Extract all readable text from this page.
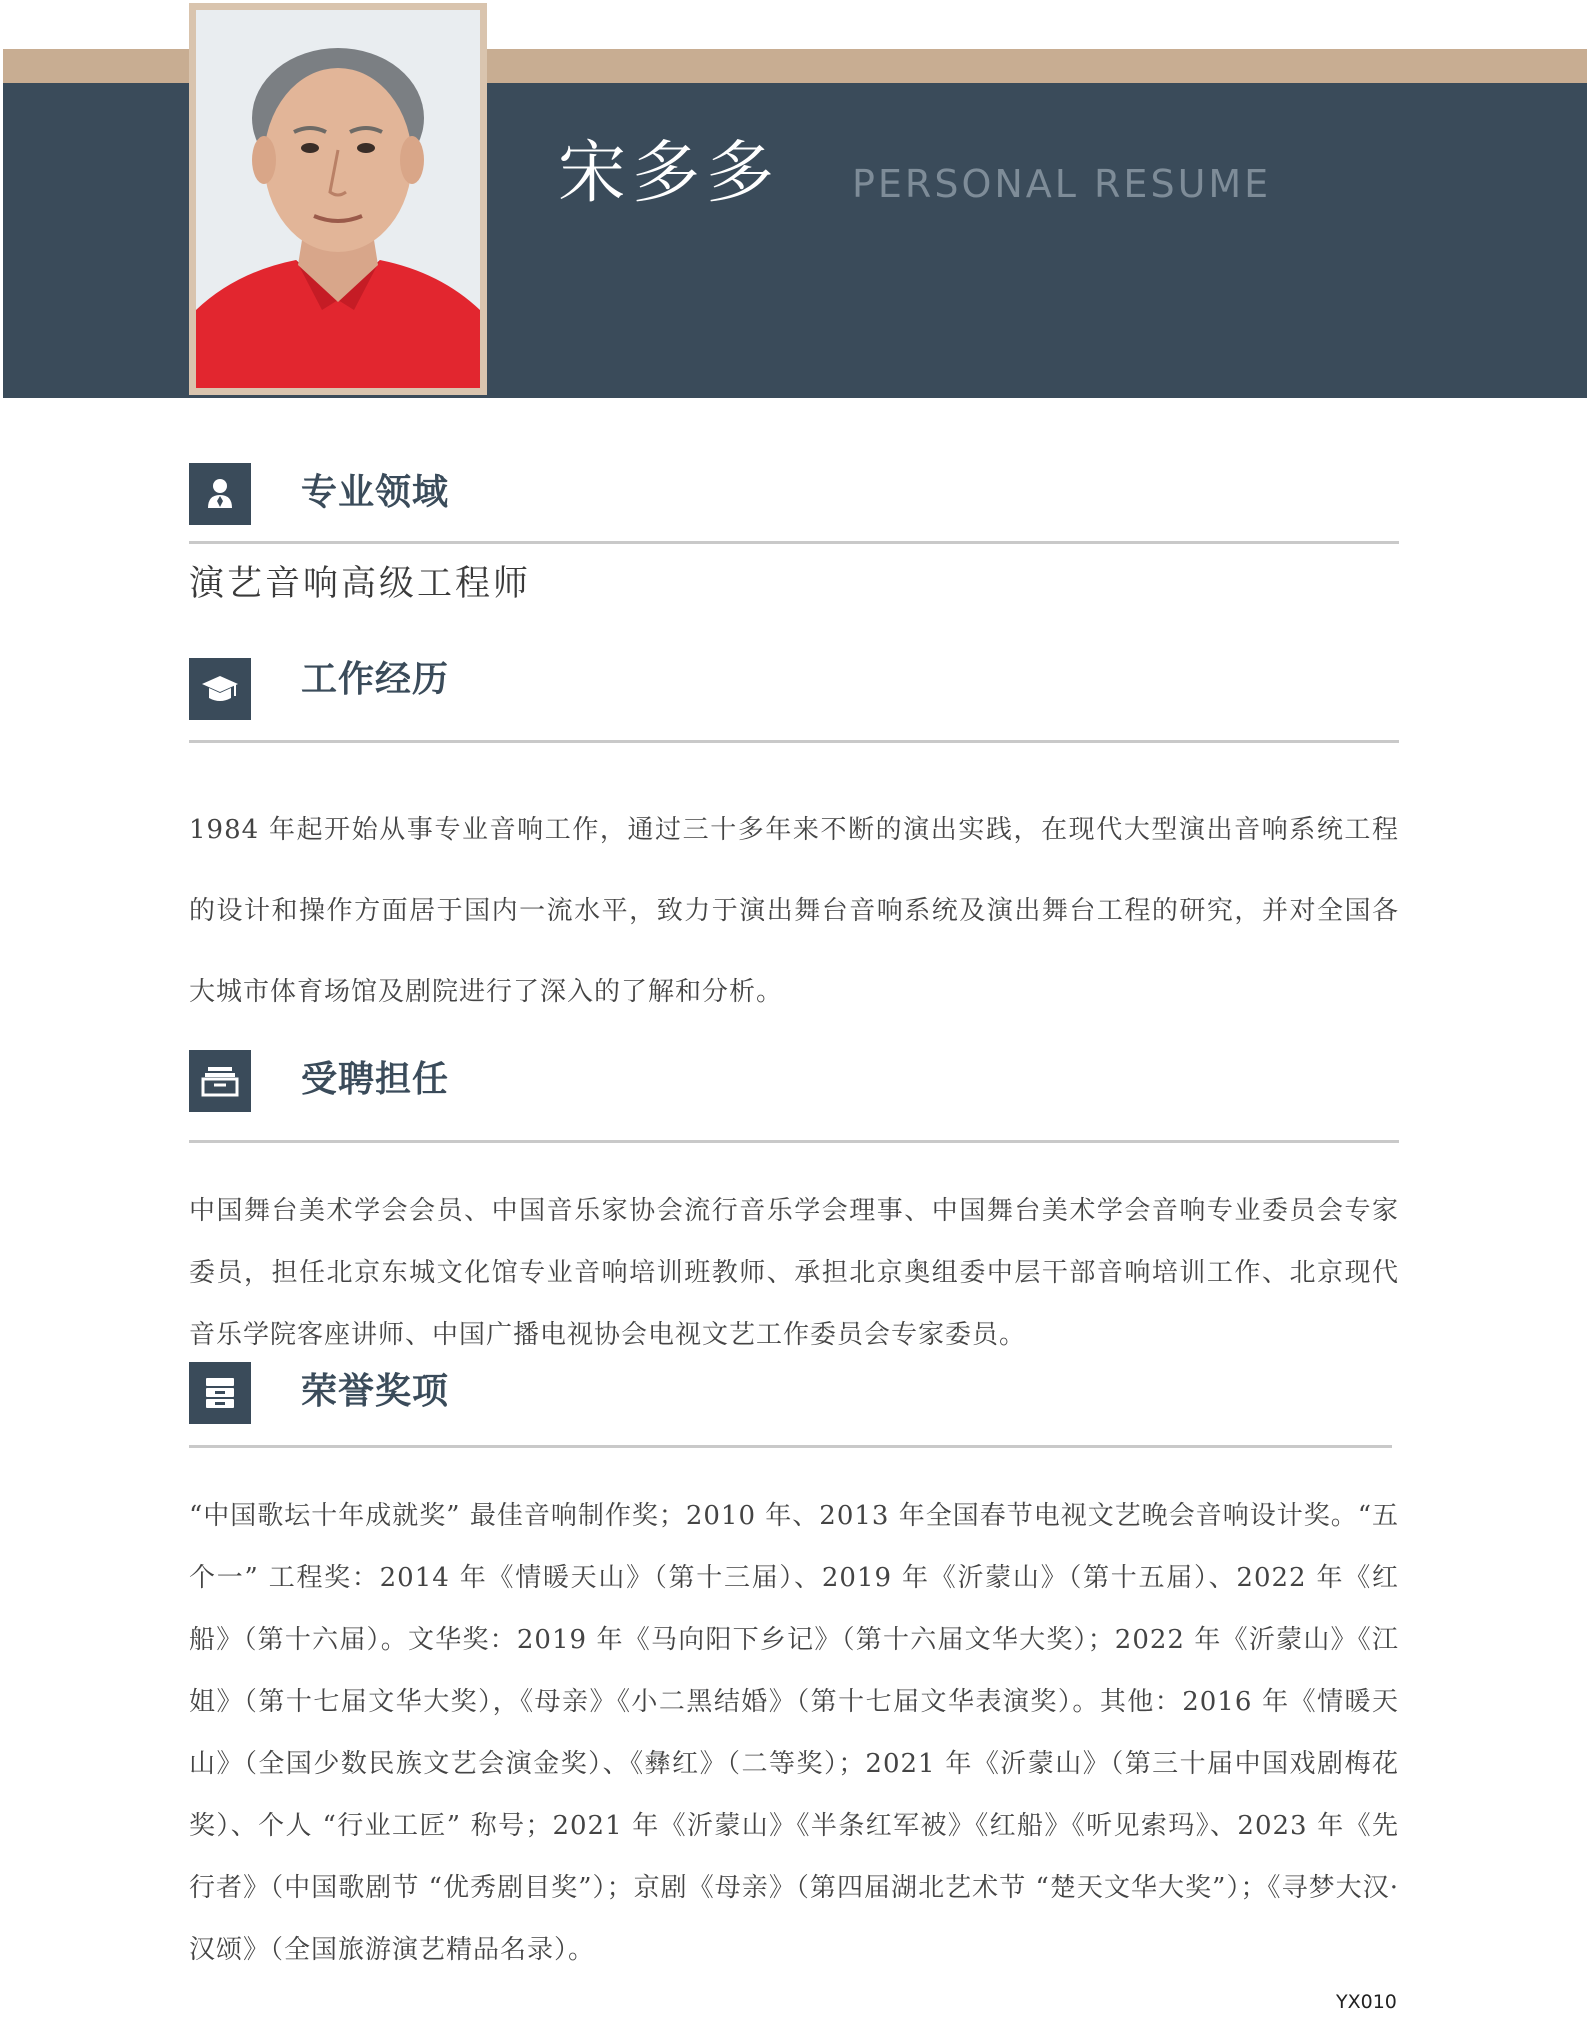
宋多多 PERSONAL RESUME
专业领域

演艺音响高级工程师

工作经历

1984 年起开始从事专业音响工作，通过三十多年来不断的演出实践，在现代大型演出音响系统工程的设计和操作方面居于国内一流水平，致力于演出舞台音响系统及演出舞台工程的研究，并对全国各大城市体育场馆及剧院进行了深入的了解和分析。

受聘担任

中国舞台美术学会会员、中国音乐家协会流行音乐学会理事、中国舞台美术学会音响专业委员会专家委员，担任北京东城文化馆专业音响培训班教师、承担北京奥组委中层干部音响培训工作、北京现代音乐学院客座讲师、中国广播电视协会电视文艺工作委员会专家委员。

荣誉奖项

“中国歌坛十年成就奖” 最佳音响制作奖；2010 年、2013 年全国春节电视文艺晚会音响设计奖。“五个一” 工程奖：2014 年《情暖天山》（第十三届）、2019 年《沂蒙山》（第十五届）、2022 年《红船》（第十六届）。文华奖：2019 年《马向阳下乡记》（第十六届文华大奖）；2022 年《沂蒙山》《江姐》（第十七届文华大奖），《母亲》《小二黑结婚》（第十七届文华表演奖）。其他：2016 年《情暖天山》（全国少数民族文艺会演金奖）、《彝红》（二等奖）；2021 年《沂蒙山》（第三十届中国戏剧梅花奖）、个人 “行业工匠” 称号；2021 年《沂蒙山》《半条红军被》《红船》《听见索玛》、2023 年《先行者》（中国歌剧节 “优秀剧目奖”）；京剧《母亲》（第四届湖北艺术节 “楚天文华大奖”）；《寻梦大汉·汉颂》（全国旅游演艺精品名录）。

YX010
